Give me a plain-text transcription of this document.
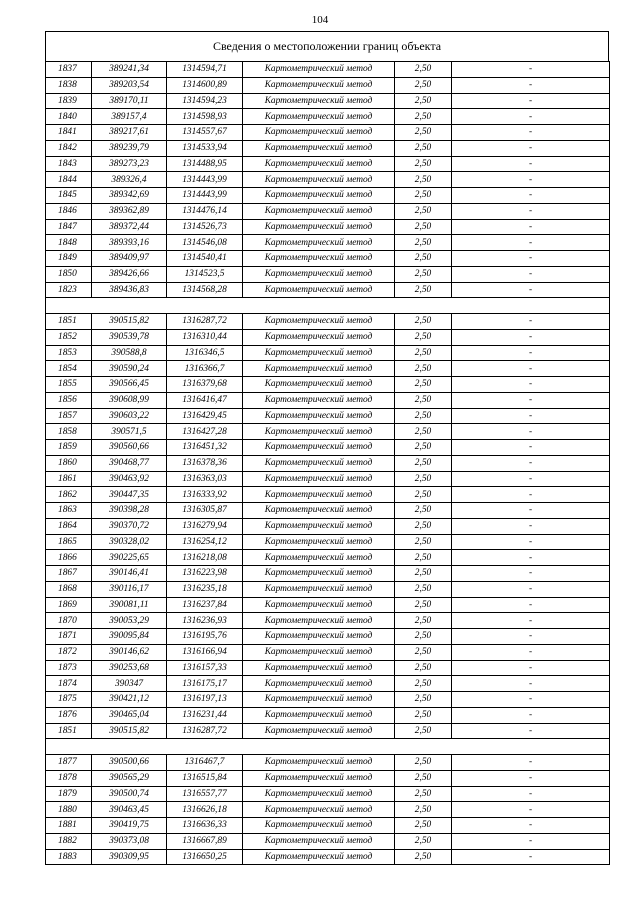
104
Сведения о местоположении границ объекта
1837	389241,34	1314594,71	Картометрический метод	2,50	-
1838	389203,54	1314600,89	Картометрический метод	2,50	-
1839	389170,11	1314594,23	Картометрический метод	2,50	-
1840	389157,4	1314598,93	Картометрический метод	2,50	-
1841	389217,61	1314557,67	Картометрический метод	2,50	-
1842	389239,79	1314533,94	Картометрический метод	2,50	-
1843	389273,23	1314488,95	Картометрический метод	2,50	-
1844	389326,4	1314443,99	Картометрический метод	2,50	-
1845	389342,69	1314443,99	Картометрический метод	2,50	-
1846	389362,89	1314476,14	Картометрический метод	2,50	-
1847	389372,44	1314526,73	Картометрический метод	2,50	-
1848	389393,16	1314546,08	Картометрический метод	2,50	-
1849	389409,97	1314540,41	Картометрический метод	2,50	-
1850	389426,66	1314523,5	Картометрический метод	2,50	-
1823	389436,83	1314568,28	Картометрический метод	2,50	-

1851	390515,82	1316287,72	Картометрический метод	2,50	-
1852	390539,78	1316310,44	Картометрический метод	2,50	-
1853	390588,8	1316346,5	Картометрический метод	2,50	-
1854	390590,24	1316366,7	Картометрический метод	2,50	-
1855	390566,45	1316379,68	Картометрический метод	2,50	-
1856	390608,99	1316416,47	Картометрический метод	2,50	-
1857	390603,22	1316429,45	Картометрический метод	2,50	-
1858	390571,5	1316427,28	Картометрический метод	2,50	-
1859	390560,66	1316451,32	Картометрический метод	2,50	-
1860	390468,77	1316378,36	Картометрический метод	2,50	-
1861	390463,92	1316363,03	Картометрический метод	2,50	-
1862	390447,35	1316333,92	Картометрический метод	2,50	-
1863	390398,28	1316305,87	Картометрический метод	2,50	-
1864	390370,72	1316279,94	Картометрический метод	2,50	-
1865	390328,02	1316254,12	Картометрический метод	2,50	-
1866	390225,65	1316218,08	Картометрический метод	2,50	-
1867	390146,41	1316223,98	Картометрический метод	2,50	-
1868	390116,17	1316235,18	Картометрический метод	2,50	-
1869	390081,11	1316237,84	Картометрический метод	2,50	-
1870	390053,29	1316236,93	Картометрический метод	2,50	-
1871	390095,84	1316195,76	Картометрический метод	2,50	-
1872	390146,62	1316166,94	Картометрический метод	2,50	-
1873	390253,68	1316157,33	Картометрический метод	2,50	-
1874	390347	1316175,17	Картометрический метод	2,50	-
1875	390421,12	1316197,13	Картометрический метод	2,50	-
1876	390465,04	1316231,44	Картометрический метод	2,50	-
1851	390515,82	1316287,72	Картометрический метод	2,50	-

1877	390500,66	1316467,7	Картометрический метод	2,50	-
1878	390565,29	1316515,84	Картометрический метод	2,50	-
1879	390500,74	1316557,77	Картометрический метод	2,50	-
1880	390463,45	1316626,18	Картометрический метод	2,50	-
1881	390419,75	1316636,33	Картометрический метод	2,50	-
1882	390373,08	1316667,89	Картометрический метод	2,50	-
1883	390309,95	1316650,25	Картометрический метод	2,50	-
